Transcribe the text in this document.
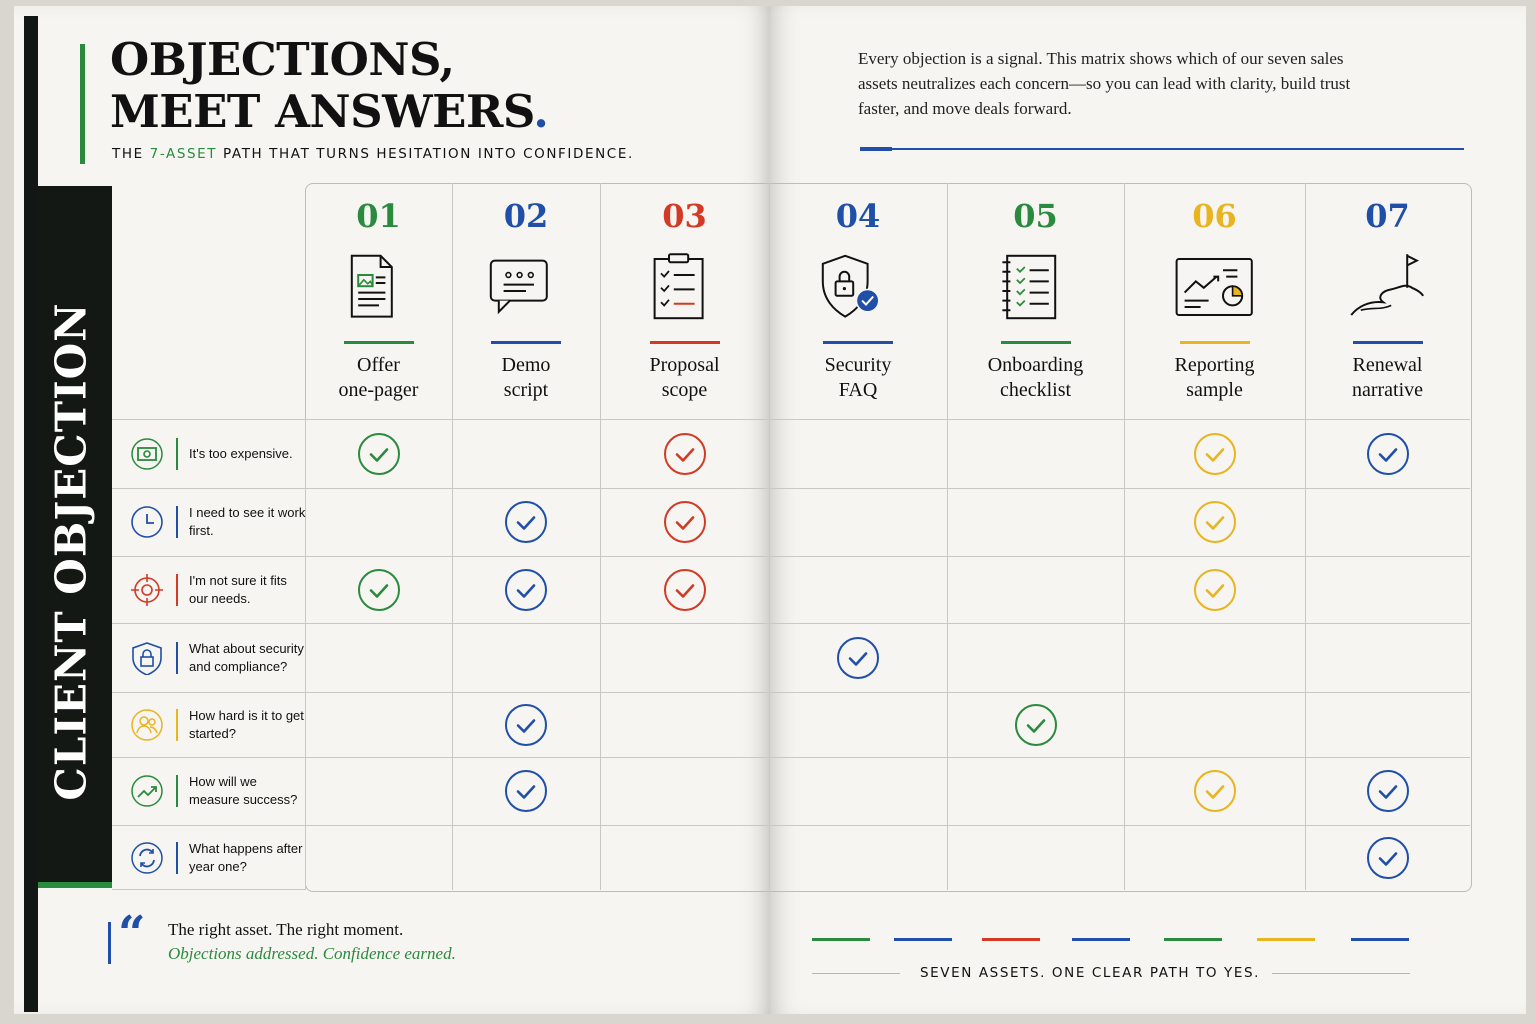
CLIENT OBJECTION
OBJECTIONS,
MEET ANSWERS.
THE 7-ASSET PATH THAT TURNS HESITATION INTO CONFIDENCE.
Every objection is a signal. This matrix shows which of our seven sales assets neutralizes each concern—so you can lead with clarity, build trust faster, and move deals forward.
01
Offer
one-pager
02
Demo
script
03
Proposal
scope
04
Security
FAQ
05
Onboarding
checklist
06
Reporting
sample
07
Renewal
narrative
It's too expensive.
I need to see it work first.
I'm not sure it fits our needs.
What about security and compliance?
How hard is it to get started?
How will we measure success?
What happens after year one?
“ The right asset. The right moment.
Objections addressed. Confidence earned.
SEVEN ASSETS. ONE CLEAR PATH TO YES.
